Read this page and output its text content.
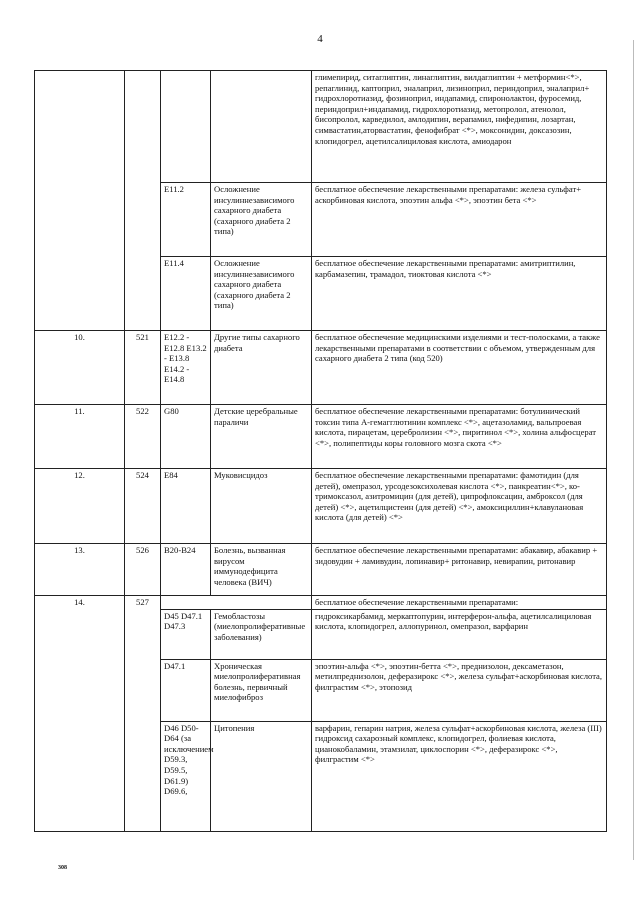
4
				глимепирид, ситаглиптин, линаглиптин, вилдаглиптин + метформин<*>, репаглинид, каптоприл, эналаприл, лизиноприл, периндоприл, эналаприл+ гидрохлоротиазид, фозиноприл, индапамид, спиронолактон, фуросемид, периндоприл+индапамид, гидрохлоротиазид, метопролол, атенолол, бисопролол, карведилол, амлодипин, верапамил, нифедипин, лозартан, симвастатин,аторвастатин, фенофибрат <*>, моксонидин, доксазозин, клопидогрел, ацетилсалициловая кислота, амиодарон
		E11.2	Осложнение инсулиннезависимого сахарного диабета (сахарного диабета 2 типа)	бесплатное обеспечение лекарственными препаратами: железа сульфат+ аскорбиновая кислота, эпоэтин альфа <*>, эпоэтин бета <*>
		E11.4	Осложнение инсулиннезависимого сахарного диабета (сахарного диабета 2 типа)	бесплатное обеспечение лекарственными препаратами: амитриптилин, карбамазепин, трамадол, тиоктовая кислота <*>
10.	521	E12.2 - E12.8 E13.2 - E13.8 E14.2 - E14.8	Другие типы сахарного диабета	бесплатное обеспечение медицинскими изделиями и тест-полосками, а также лекарственными препаратами в соответствии с объемом, утвержденным для сахарного диабета 2 типа (код 520)
11.	522	G80	Детские церебральные параличи	бесплатное обеспечение лекарственными препаратами: ботулинический токсин типа А-гемагглютинин комплекс <*>, ацетазоламид, вальпроевая кислота, пирацетам, церебролизин <*>, пиритинол <*>, холина альфосцерат <*>, полипептиды коры головного мозга скота <*>
12.	524	E84	Муковисцидоз	бесплатное обеспечение лекарственными препаратами: фамотидин (для детей), омепразол, урсодезоксихолевая кислота <*>, панкреатин<*>, ко-тримоксазол, азитромицин (для детей), ципрофлоксацин, амброксол (для детей) <*>, ацетилцистеин (для детей) <*>, амоксициллин+клавулановая кислота (для детей) <*>
13.	526	B20-B24	Болезнь, вызванная вирусом иммунодефицита человека (ВИЧ)	бесплатное обеспечение лекарственными препаратами: абакавир, абакавир + зидовудин + ламивудин, лопинавир+ ритонавир, невирапин, ритонавир
14.	527			бесплатное обеспечение лекарственными препаратами:
		D45 D47.1 D47.3	Гемобластозы (миелопролиферативные заболевания)	гидроксикарбамид, меркаптопурин, интерферон-альфа, ацетилсалициловая кислота, клопидогрел, аллопуринол, омепразол, варфарин
		D47.1	Хроническая миелопролиферативная болезнь, первичный миелофиброз	эпоэтин-альфа <*>, эпоэтин-бетта <*>, преднизолон, дексаметазон, метилпреднизолон, деферазирокс <*>, железа сульфат+аскорбиновая кислота, филграстим <*>, этопозид
		D46 D50-D64 (за исключением D59.3, D59.5, D61.9) D69.6,	Цитопения	варфарин, гепарин натрия, железа сульфат+аскорбиновая кислота, железа (III) гидроксид сахарозный комплекс, клопидогрел, фолиевая кислота, цианокобаламин, этамзилат, циклоспорин <*>, деферазирокс <*>, филграстим <*>
308
